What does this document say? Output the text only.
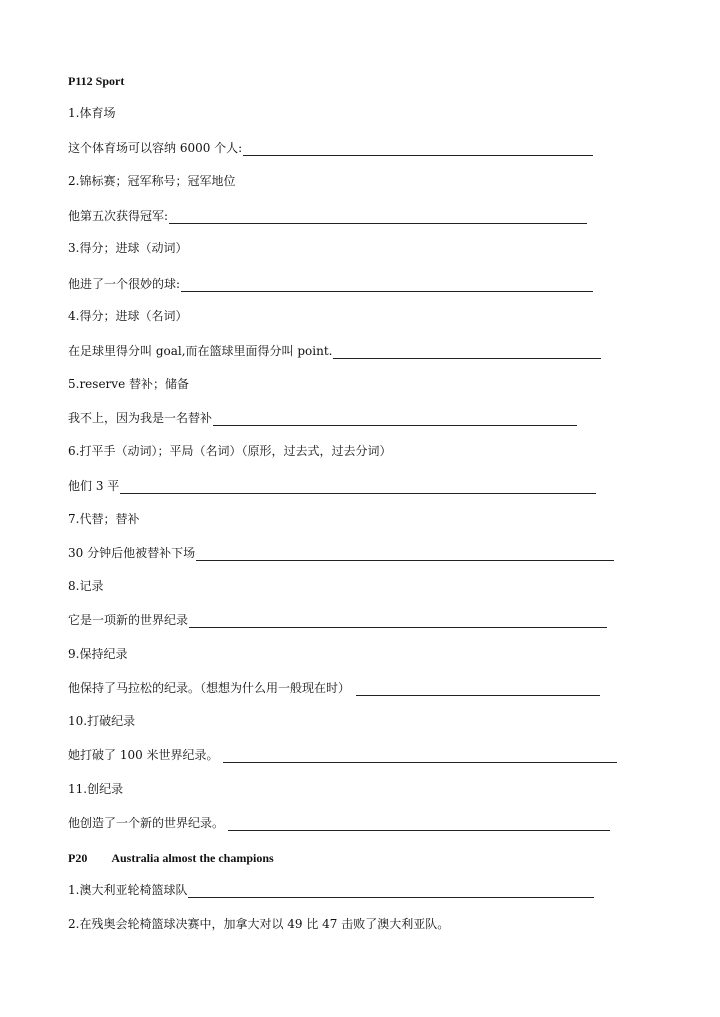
P112 Sport
1.体育场
这个体育场可以容纳 6000 个人:
2.锦标赛；冠军称号；冠军地位
他第五次获得冠军:
3.得分；进球（动词）
他进了一个很妙的球:
4.得分；进球（名词）
在足球里得分叫 goal,而在篮球里面得分叫 point.
5.reserve 替补；储备
我不上，因为我是一名替补
6.打平手（动词）；平局（名词）（原形，过去式，过去分词）
他们 3 平
7.代替；替补
30 分钟后他被替补下场
8.记录
它是一项新的世界纪录
9.保持纪录
他保持了马拉松的纪录。（想想为什么用一般现在时）
10.打破纪录
她打破了 100 米世界纪录。
11.创纪录
他创造了一个新的世界纪录。
P20 Australia almost the champions
1.澳大利亚轮椅篮球队
2.在残奥会轮椅篮球决赛中，加拿大对以 49 比 47 击败了澳大利亚队。
